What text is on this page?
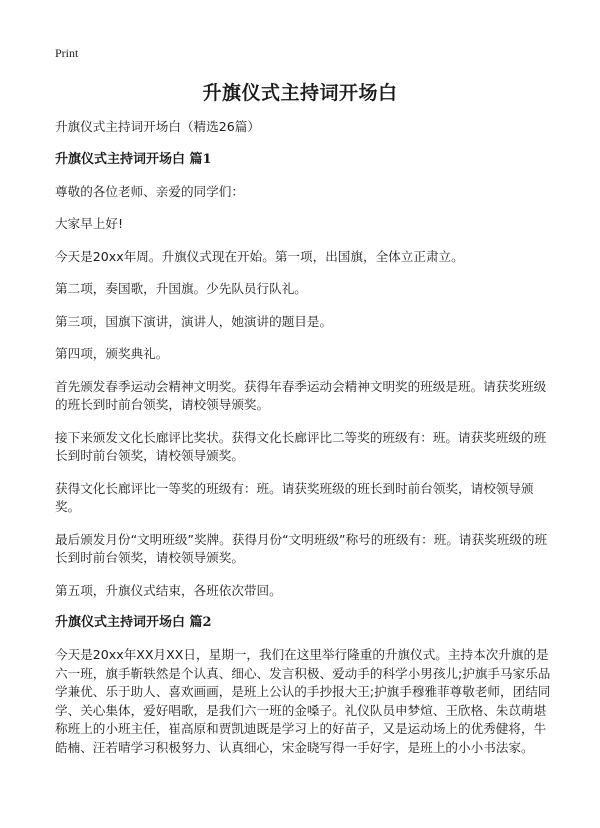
Print
升旗仪式主持词开场白
升旗仪式主持词开场白（精选26篇）
升旗仪式主持词开场白 篇1
尊敬的各位老师、亲爱的同学们：
大家早上好!
今天是20xx年周。升旗仪式现在开始。第一项，出国旗，全体立正肃立。
第二项，奏国歌，升国旗。少先队员行队礼。
第三项，国旗下演讲，演讲人，她演讲的题目是。
第四项，颁奖典礼。
首先颁发春季运动会精神文明奖。获得年春季运动会精神文明奖的班级是班。请获奖班级的班长到时前台领奖，请校领导颁奖。
接下来颁发文化长廊评比奖状。获得文化长廊评比二等奖的班级有：班。请获奖班级的班长到时前台领奖，请校领导颁奖。
获得文化长廊评比一等奖的班级有：班。请获奖班级的班长到时前台领奖，请校领导颁奖。
最后颁发月份“文明班级”奖牌。获得月份“文明班级”称号的班级有：班。请获奖班级的班长到时前台领奖，请校领导颁奖。
第五项，升旗仪式结束，各班依次带回。
升旗仪式主持词开场白 篇2
今天是20xx年XX月XX日，星期一，我们在这里举行隆重的升旗仪式。主持本次升旗的是六一班，旗手靳轶然是个认真、细心、发言积极、爱动手的科学小男孩儿;护旗手马家乐品学兼优、乐于助人、喜欢画画，是班上公认的手抄报大王;护旗手穆雅菲尊敬老师，团结同学、关心集体，爱好唱歌，是我们六一班的金嗓子。礼仪队员申梦煊、王欣格、朱苡萌堪称班上的小班主任，崔高原和贾凯迪既是学习上的好苗子，又是运动场上的优秀健将，牛皓楠、汪若晴学习积极努力、认真细心，宋金晓写得一手好字，是班上的小小书法家。
